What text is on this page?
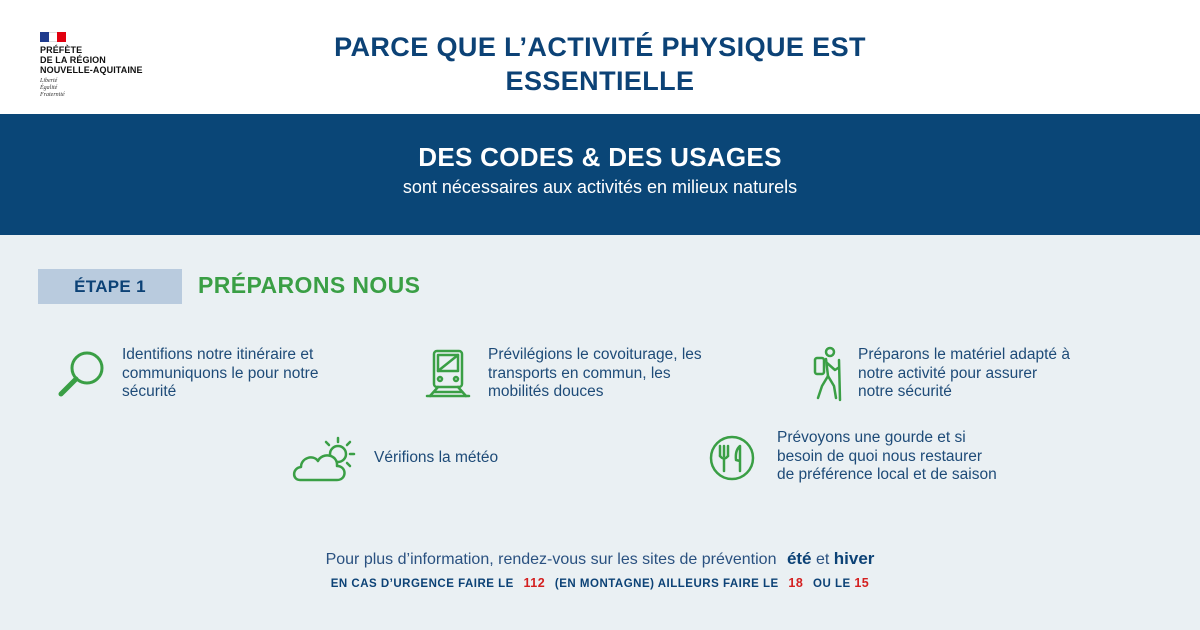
PRÉFÈTE
DE LA RÉGION
NOUVELLE-AQUITAINE
Liberté
Égalité
Fraternité
PARCE QUE L’ACTIVITÉ PHYSIQUE EST
ESSENTIELLE
DES CODES & DES USAGES
sont nécessaires aux activités en milieux naturels
ÉTAPE 1	PRÉPARONS NOUS
Identifions notre itinéraire et
communiquons le pour notre
sécurité
Prévilégions le covoiturage, les
transports en commun, les
mobilités douces
Préparons le matériel adapté à
notre activité pour assurer
notre sécurité
Vérifions la météo
Prévoyons une gourde et si
besoin de quoi nous restaurer
de préférence local et de saison
Pour plus d’information, rendez-vous sur les sites de prévention été et hiver
EN CAS D’URGENCE FAIRE LE 112 (EN MONTAGNE) AILLEURS FAIRE LE 18 OU LE 15
